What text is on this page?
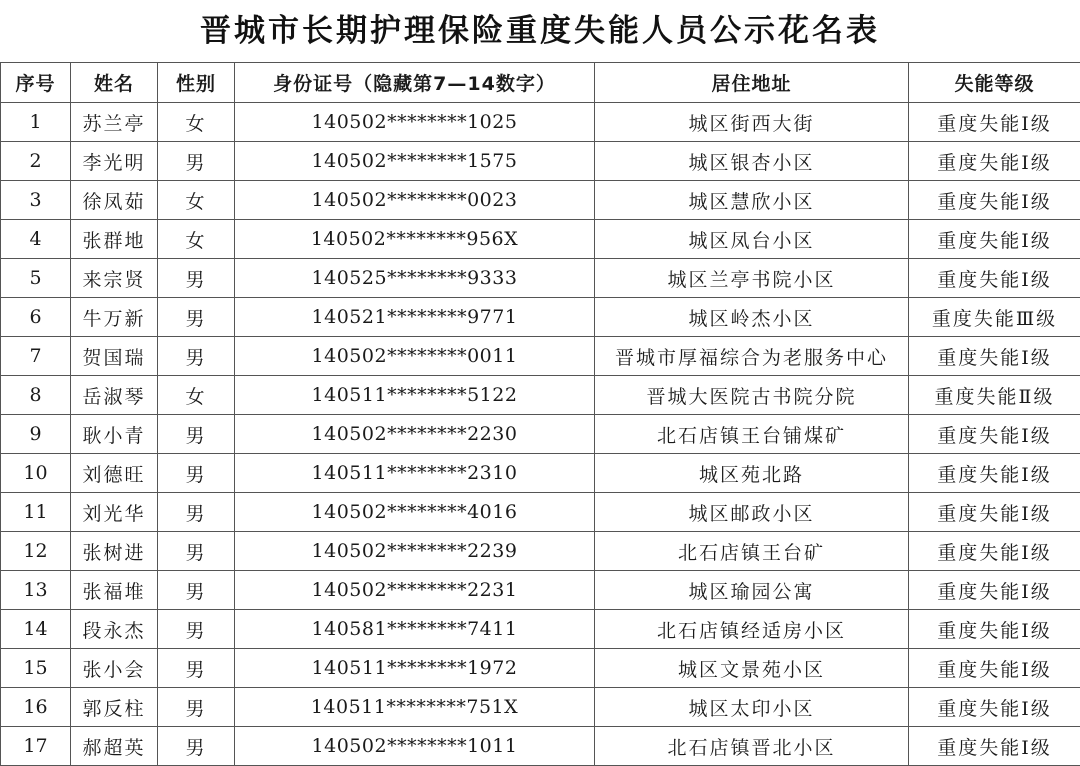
晋城市长期护理保险重度失能人员公示花名表
序号	姓名	性别	身份证号（隐藏第7—14数字）	居住地址	失能等级
1	苏兰亭	女	140502********1025	城区街西大街	重度失能Ⅰ级
2	李光明	男	140502********1575	城区银杏小区	重度失能Ⅰ级
3	徐凤茹	女	140502********0023	城区慧欣小区	重度失能Ⅰ级
4	张群地	女	140502********956X	城区凤台小区	重度失能Ⅰ级
5	来宗贤	男	140525********9333	城区兰亭书院小区	重度失能Ⅰ级
6	牛万新	男	140521********9771	城区岭杰小区	重度失能Ⅲ级
7	贺国瑞	男	140502********0011	晋城市厚福综合为老服务中心	重度失能Ⅰ级
8	岳淑琴	女	140511********5122	晋城大医院古书院分院	重度失能Ⅱ级
9	耿小青	男	140502********2230	北石店镇王台铺煤矿	重度失能Ⅰ级
10	刘德旺	男	140511********2310	城区苑北路	重度失能Ⅰ级
11	刘光华	男	140502********4016	城区邮政小区	重度失能Ⅰ级
12	张树进	男	140502********2239	北石店镇王台矿	重度失能Ⅰ级
13	张福堆	男	140502********2231	城区瑜园公寓	重度失能Ⅰ级
14	段永杰	男	140581********7411	北石店镇经适房小区	重度失能Ⅰ级
15	张小会	男	140511********1972	城区文景苑小区	重度失能Ⅰ级
16	郭反柱	男	140511********751X	城区太印小区	重度失能Ⅰ级
17	郝超英	男	140502********1011	北石店镇晋北小区	重度失能Ⅰ级
